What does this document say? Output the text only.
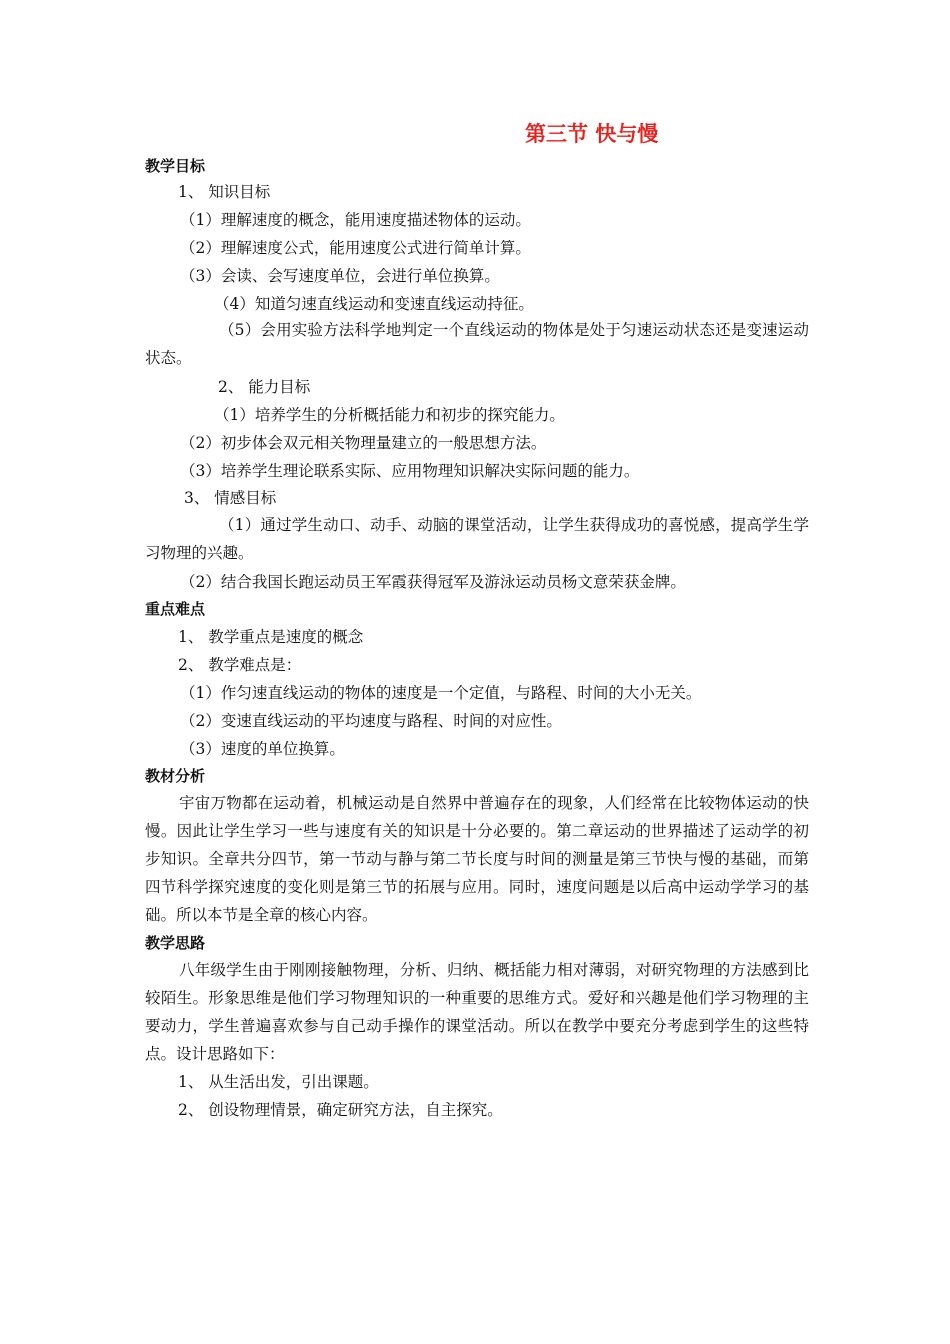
第三节 快与慢
教学目标
1、 知识目标
（1）理解速度的概念，能用速度描述物体的运动。
（2）理解速度公式，能用速度公式进行简单计算。
（3）会读、会写速度单位，会进行单位换算。
（4）知道匀速直线运动和变速直线运动持征。
（5）会用实验方法科学地判定一个直线运动的物体是处于匀速运动状态还是变速运动状态。
2、 能力目标
（1）培养学生的分析概括能力和初步的探究能力。
（2）初步体会双元相关物理量建立的一般思想方法。
（3）培养学生理论联系实际、应用物理知识解决实际问题的能力。
3、 情感目标
（1）通过学生动口、动手、动脑的课堂活动，让学生获得成功的喜悦感，提高学生学习物理的兴趣。
（2）结合我国长跑运动员王军霞获得冠军及游泳运动员杨文意荣获金牌。
重点难点
1、 教学重点是速度的概念
2、 教学难点是：
（1）作匀速直线运动的物体的速度是一个定值，与路程、时间的大小无关。
（2）变速直线运动的平均速度与路程、时间的对应性。
（3）速度的单位换算。
教材分析
宇宙万物都在运动着，机械运动是自然界中普遍存在的现象，人们经常在比较物体运动的快慢。因此让学生学习一些与速度有关的知识是十分必要的。第二章运动的世界描述了运动学的初步知识。全章共分四节，第一节动与静与第二节长度与时间的测量是第三节快与慢的基础，而第四节科学探究速度的变化则是第三节的拓展与应用。同时，速度问题是以后高中运动学学习的基础。所以本节是全章的核心内容。
教学思路
八年级学生由于刚刚接触物理，分析、归纳、概括能力相对薄弱，对研究物理的方法感到比较陌生。形象思维是他们学习物理知识的一种重要的思维方式。爱好和兴趣是他们学习物理的主要动力，学生普遍喜欢参与自己动手操作的课堂活动。所以在教学中要充分考虑到学生的这些特点。设计思路如下：
1、 从生活出发，引出课题。
2、 创设物理情景，确定研究方法，自主探究。
